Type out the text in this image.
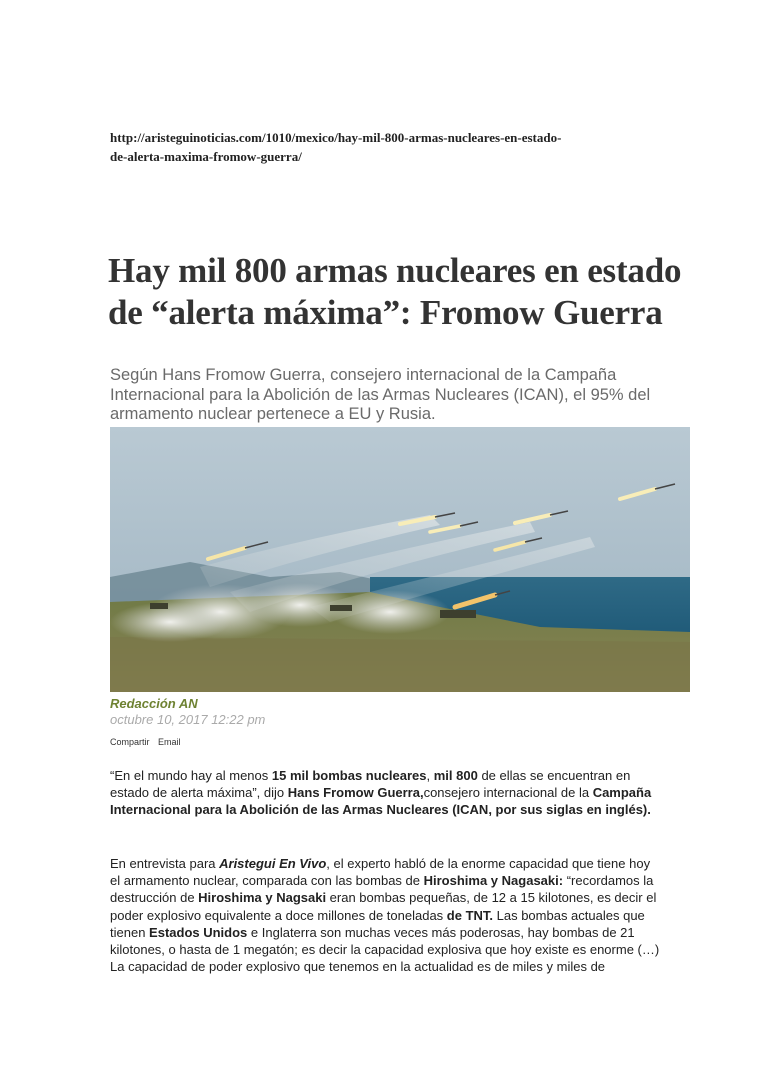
http://aristeguinoticias.com/1010/mexico/hay-mil-800-armas-nucleares-en-estado-
de-alerta-maxima-fromow-guerra/
Hay mil 800 armas nucleares en estado de “alerta máxima”: Fromow Guerra

Según Hans Fromow Guerra, consejero internacional de la Campaña Internacional para la Abolición de las Armas Nucleares (ICAN), el 95% del armamento nuclear pertenece a EU y Rusia.

Redacción AN
octubre 10, 2017 12:22 pm
Compartir Email

“En el mundo hay al menos 15 mil bombas nucleares, mil 800 de ellas se encuentran en estado de alerta máxima”, dijo Hans Fromow Guerra,consejero internacional de la Campaña Internacional para la Abolición de las Armas Nucleares (ICAN, por sus siglas en inglés).

En entrevista para Aristegui En Vivo, el experto habló de la enorme capacidad que tiene hoy el armamento nuclear, comparada con las bombas de Hiroshima y Nagasaki: “recordamos la destrucción de Hiroshima y Nagsaki eran bombas pequeñas, de 12 a 15 kilotones, es decir el poder explosivo equivalente a doce millones de toneladas de TNT. Las bombas actuales que tienen Estados Unidos e Inglaterra son muchas veces más poderosas, hay bombas de 21 kilotones, o hasta de 1 megatón; es decir la capacidad explosiva que hoy existe es enorme (…) La capacidad de poder explosivo que tenemos en la actualidad es de miles y miles de
